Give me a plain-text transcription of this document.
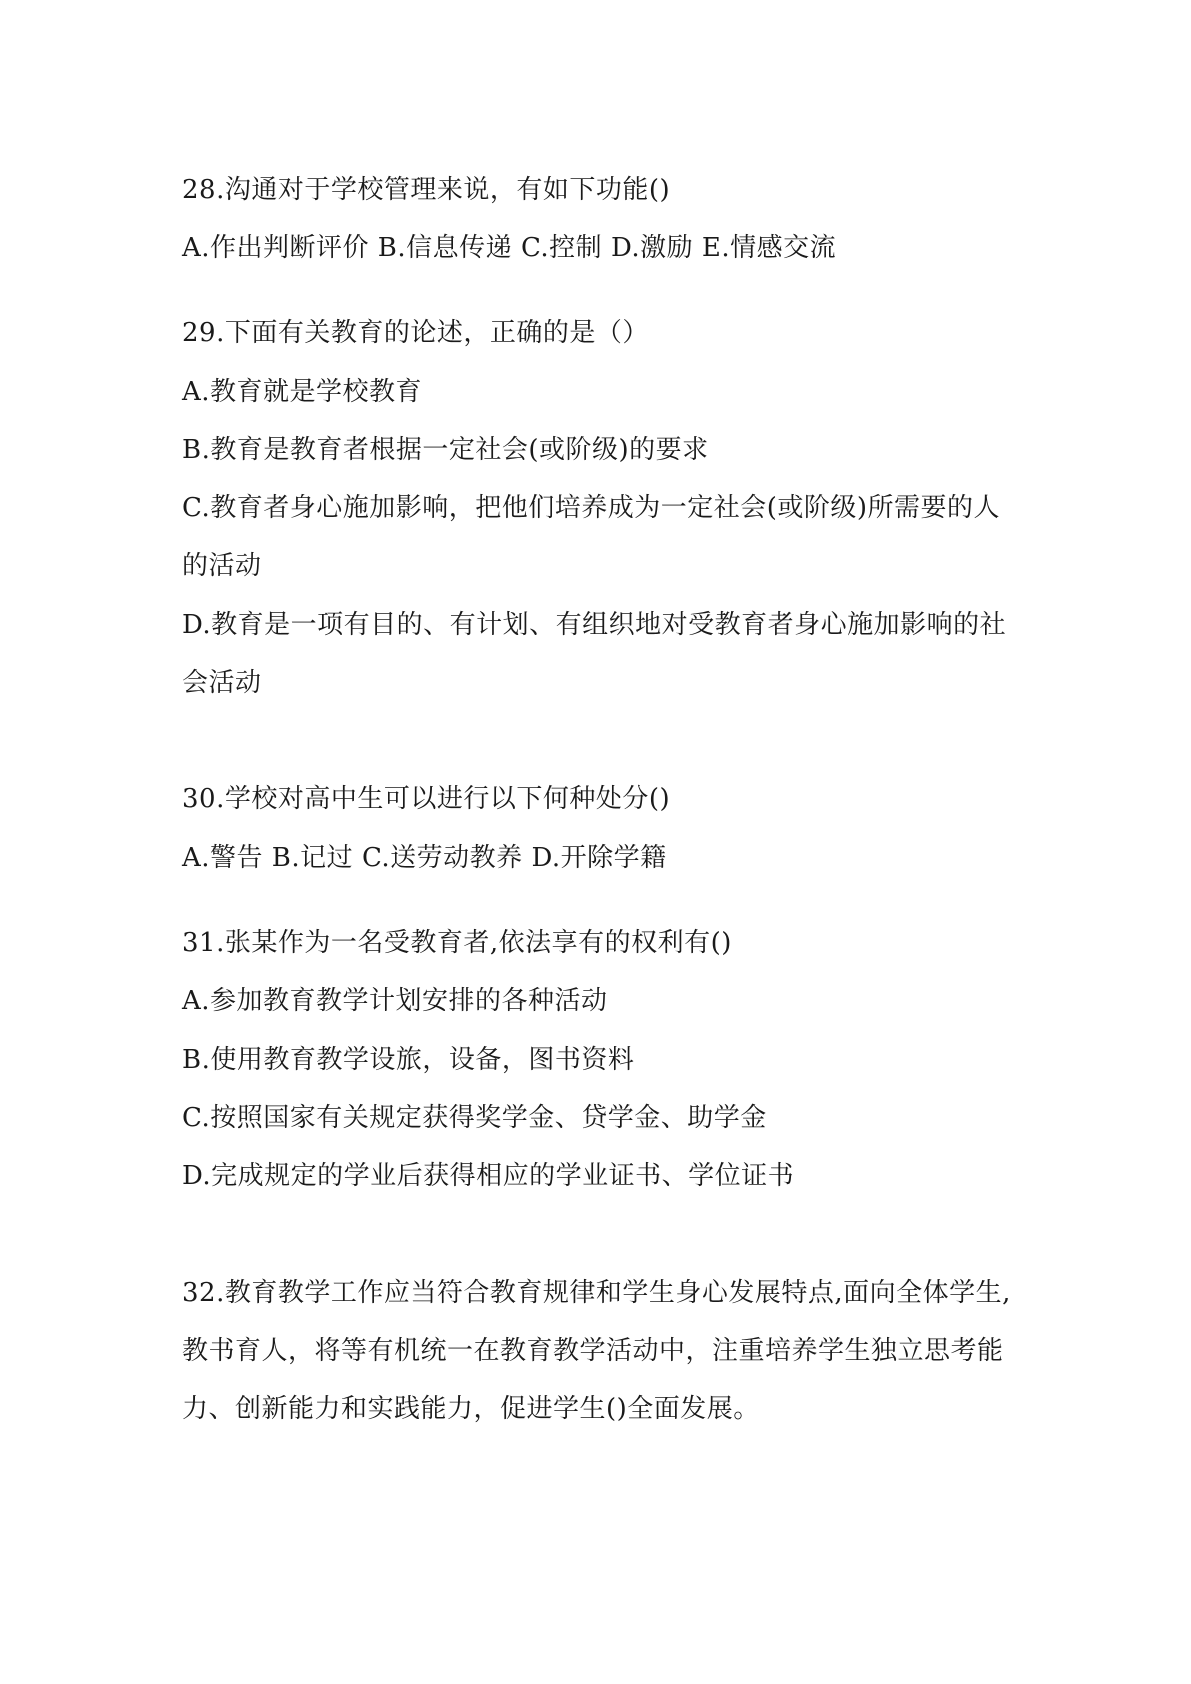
28.沟通对于学校管理来说，有如下功能()
A.作出判断评价 B.信息传递 C.控制 D.激励 E.情感交流
29.下面有关教育的论述，正确的是（）
A.教育就是学校教育
B.教育是教育者根据一定社会(或阶级)的要求
C.教育者身心施加影响，把他们培养成为一定社会(或阶级)所需要的人
的活动
D.教育是一项有目的、有计划、有组织地对受教育者身心施加影响的社
会活动
30.学校对高中生可以进行以下何种处分()
A.警告 B.记过 C.送劳动教养 D.开除学籍
31.张某作为一名受教育者,依法享有的权利有()
A.参加教育教学计划安排的各种活动
B.使用教育教学设旅，设备，图书资料
C.按照国家有关规定获得奖学金、贷学金、助学金
D.完成规定的学业后获得相应的学业证书、学位证书
32.教育教学工作应当符合教育规律和学生身心发展特点,面向全体学生,
教书育人，将等有机统一在教育教学活动中，注重培养学生独立思考能
力、创新能力和实践能力，促进学生()全面发展。
